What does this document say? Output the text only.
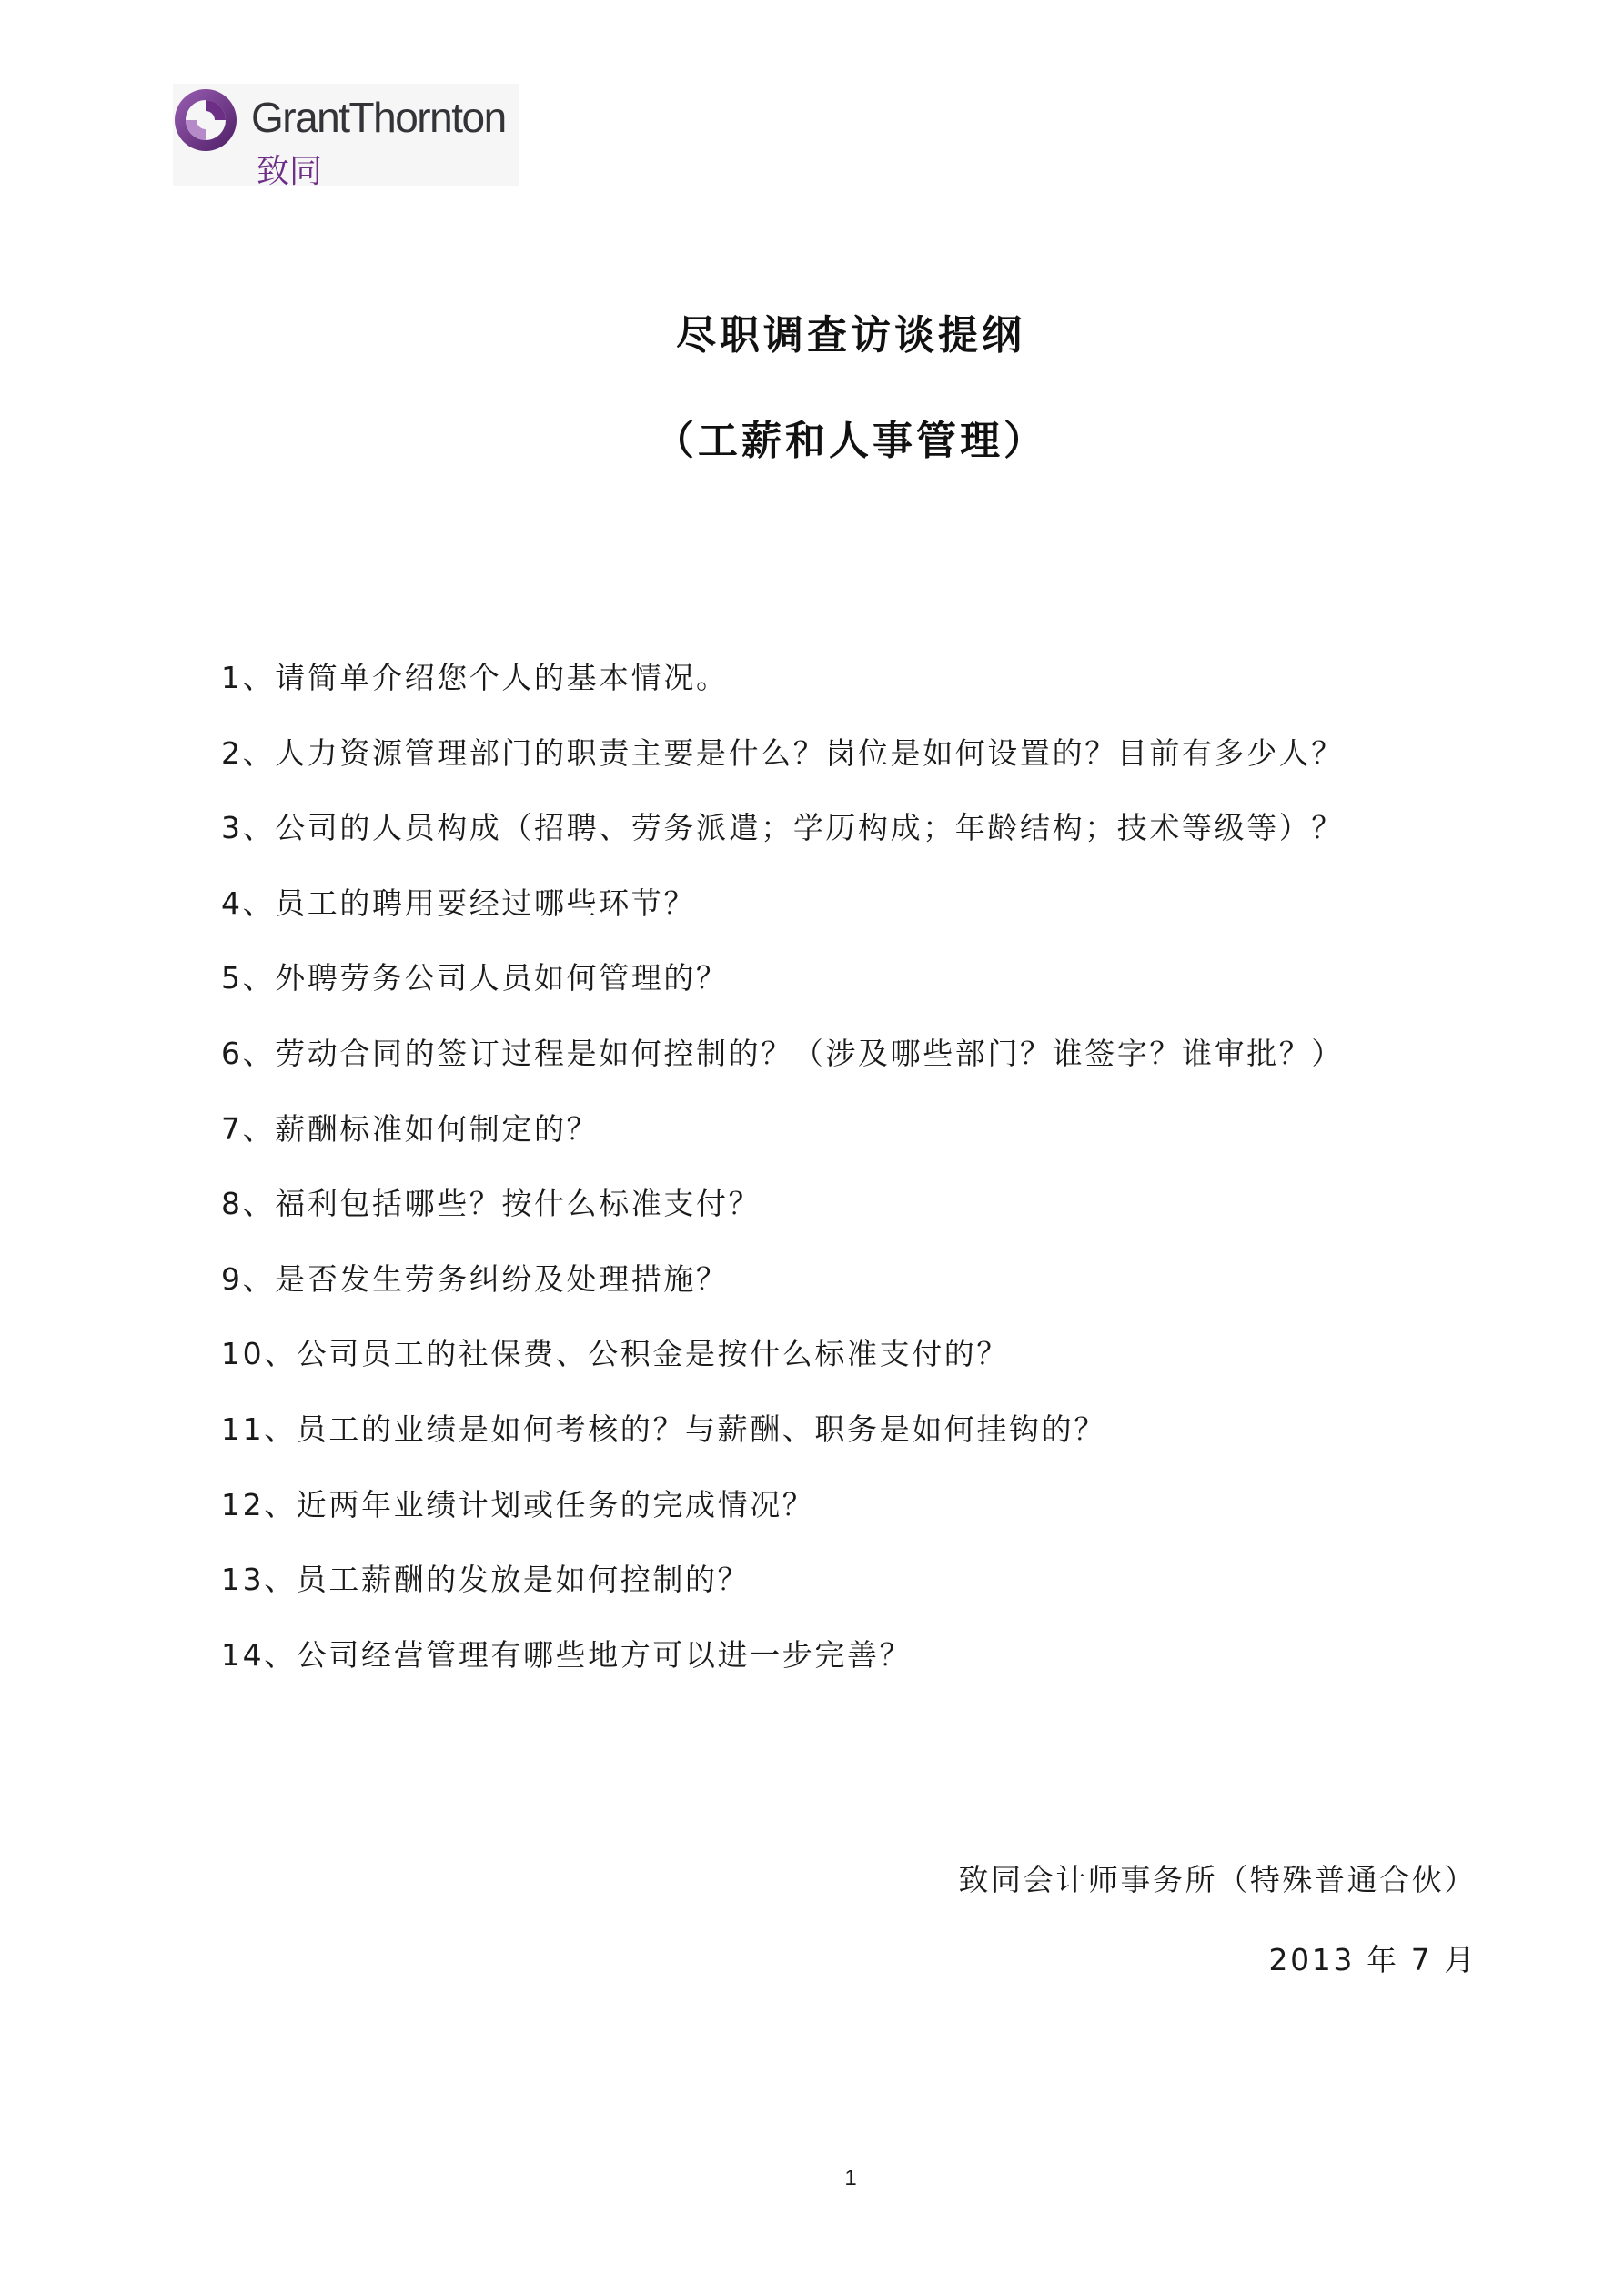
GrantThornton
致同
尽职调查访谈提纲
（工薪和人事管理）
1、请简单介绍您个人的基本情况。
2、人力资源管理部门的职责主要是什么？岗位是如何设置的？目前有多少人？
3、公司的人员构成（招聘、劳务派遣；学历构成；年龄结构；技术等级等）？
4、员工的聘用要经过哪些环节？
5、外聘劳务公司人员如何管理的？
6、劳动合同的签订过程是如何控制的？（涉及哪些部门？谁签字？谁审批？）
7、薪酬标准如何制定的？
8、福利包括哪些？按什么标准支付？
9、是否发生劳务纠纷及处理措施？
10、公司员工的社保费、公积金是按什么标准支付的？
11、员工的业绩是如何考核的？与薪酬、职务是如何挂钩的？
12、近两年业绩计划或任务的完成情况？
13、员工薪酬的发放是如何控制的？
14、公司经营管理有哪些地方可以进一步完善？
致同会计师事务所（特殊普通合伙）
2013 年 7 月
1
